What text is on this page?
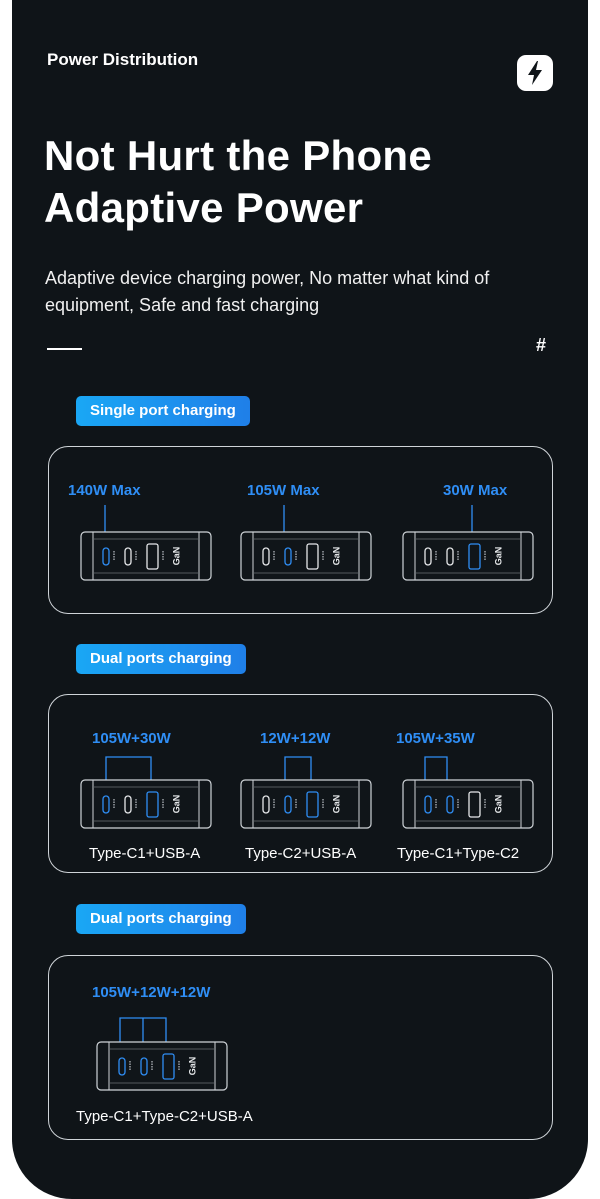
Power Distribution
Not Hurt the Phone
Adaptive Power
Adaptive device charging power, No matter what kind of equipment, Safe and fast charging
#
Single port charging
140W Max	105W Max	30W Max
GaN	GaN	GaN
Dual ports charging
105W+30W	12W+12W	105W+35W
GaN	GaN	GaN
Type-C1+USB-A	Type-C2+USB-A	Type-C1+Type-C2
Dual ports charging
105W+12W+12W
GaN
Type-C1+Type-C2+USB-A
